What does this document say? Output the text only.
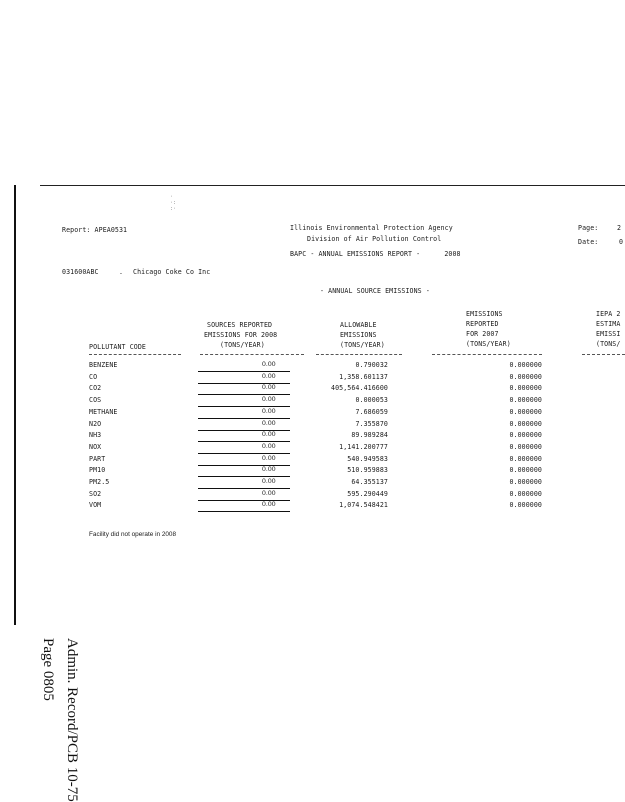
·
·:
:·
Report: APEA0531	Illinois Environmental Protection Agency
Division of Air Pollution Control
BAPC - ANNUAL EMISSIONS REPORT -	2008
Page:	2
Date:	0
031600ABC	. Chicago Coke Co Inc
- ANNUAL SOURCE EMISSIONS -
EMISSIONS
REPORTED
FOR 2007
(TONS/YEAR)
SOURCES REPORTED
EMISSIONS FOR 2008
(TONS/YEAR)
ALLOWABLE
EMISSIONS
(TONS/YEAR)
IEPA 2
ESTIMA
EMISSI
(TONS/
POLLUTANT CODE
BENZENE	0.00	0.790032	0.000000
CO	0.00	1,358.601137	0.000000
CO2	0.00	405,564.416600	0.000000
COS	0.00	0.000053	0.000000
METHANE	0.00	7.686059	0.000000
N2O	0.00	7.355870	0.000000
NH3	0.00	89.989284	0.000000
NOX	0.00	1,141.200777	0.000000
PART	0.00	540.949583	0.000000
PM10	0.00	510.959883	0.000000
PM2.5	0.00	64.355137	0.000000
SO2	0.00	595.290449	0.000000
VOM	0.00	1,074.548421	0.000000
Facility did not operate in 2008
Admin. Record/PCB 10-75
Page 0805
